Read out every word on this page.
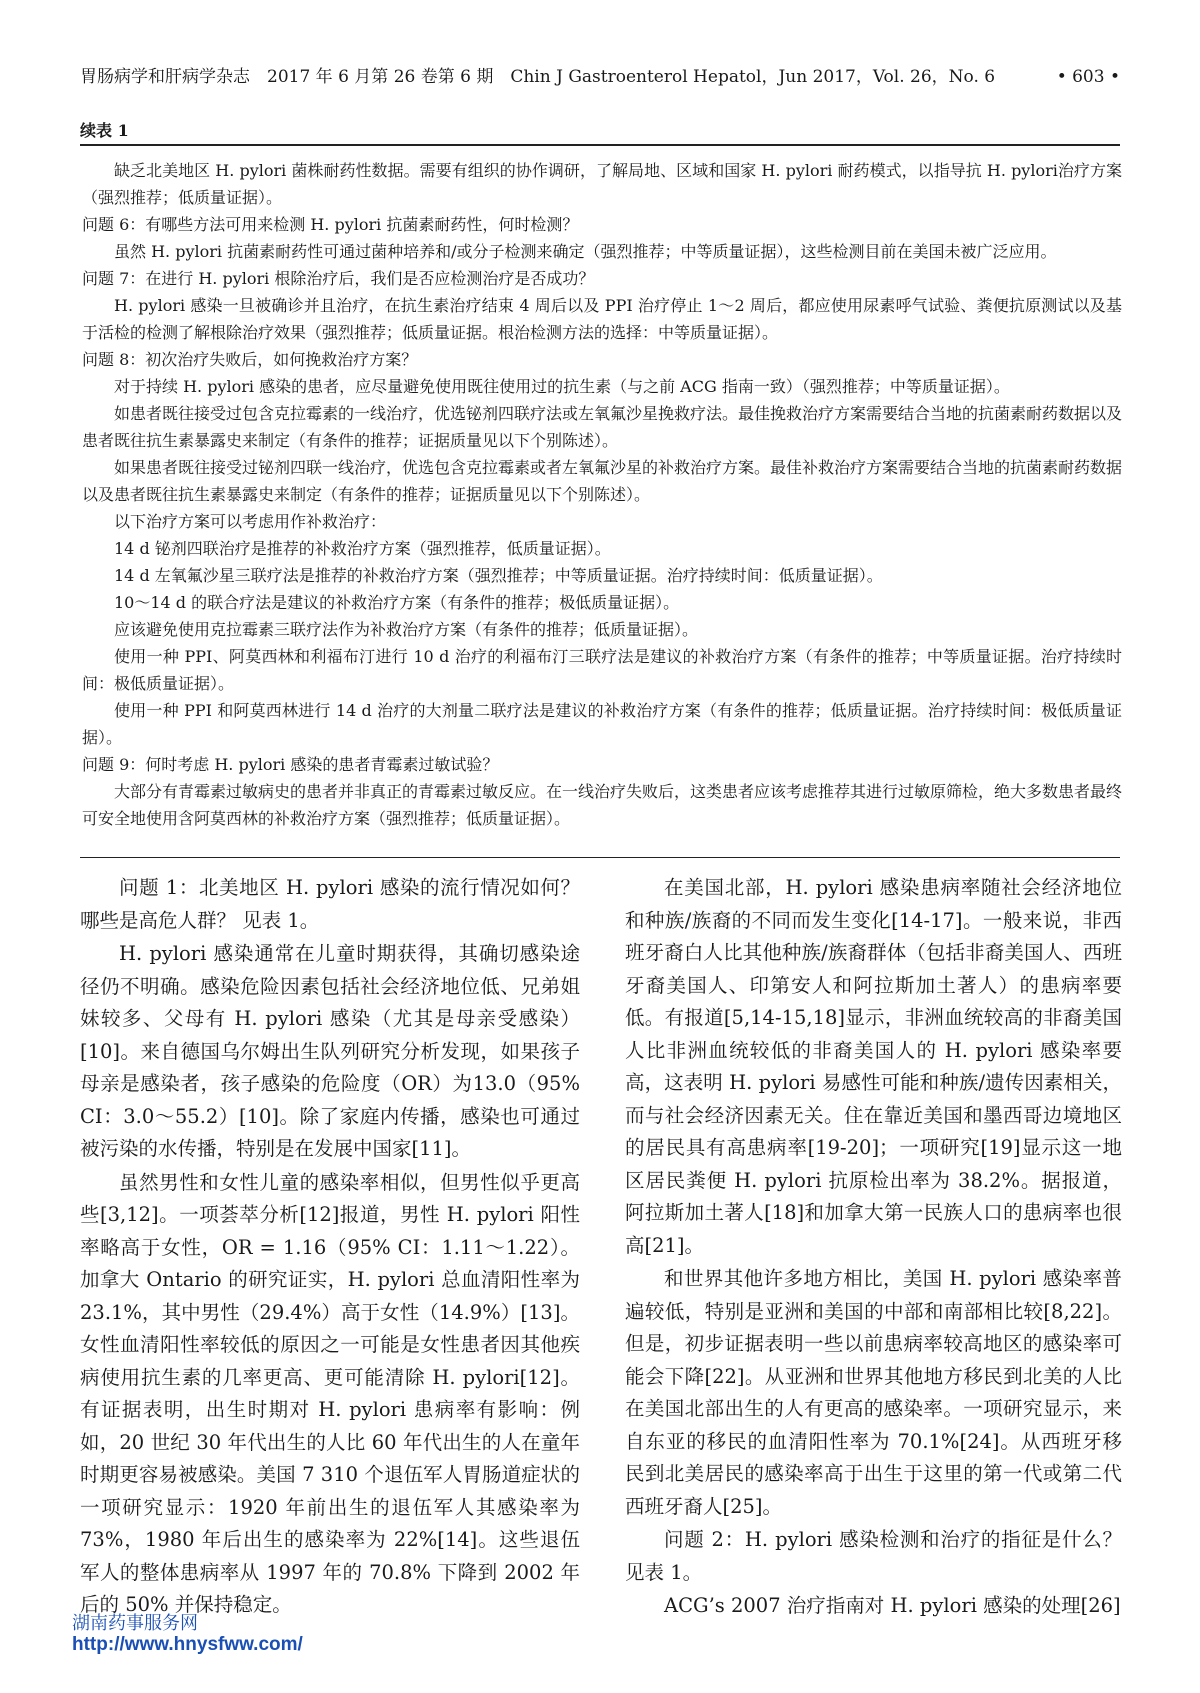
胃肠病学和肝病学杂志　2017 年 6 月第 26 卷第 6 期　Chin J Gastroenterol Hepatol，Jun 2017，Vol. 26，No. 6	• 603 •
续表 1

缺乏北美地区 H. pylori 菌株耐药性数据。需要有组织的协作调研，了解局地、区域和国家 H. pylori 耐药模式，以指导抗 H. pylori治疗方案（强烈推荐；低质量证据）。

问题 6：有哪些方法可用来检测 H. pylori 抗菌素耐药性，何时检测？

虽然 H. pylori 抗菌素耐药性可通过菌种培养和/或分子检测来确定（强烈推荐；中等质量证据），这些检测目前在美国未被广泛应用。

问题 7：在进行 H. pylori 根除治疗后，我们是否应检测治疗是否成功？

H. pylori 感染一旦被确诊并且治疗，在抗生素治疗结束 4 周后以及 PPI 治疗停止 1～2 周后，都应使用尿素呼气试验、粪便抗原测试以及基于活检的检测了解根除治疗效果（强烈推荐；低质量证据。根治检测方法的选择：中等质量证据）。

问题 8：初次治疗失败后，如何挽救治疗方案？

对于持续 H. pylori 感染的患者，应尽量避免使用既往使用过的抗生素（与之前 ACG 指南一致）（强烈推荐；中等质量证据）。

如患者既往接受过包含克拉霉素的一线治疗，优选铋剂四联疗法或左氧氟沙星挽救疗法。最佳挽救治疗方案需要结合当地的抗菌素耐药数据以及患者既往抗生素暴露史来制定（有条件的推荐；证据质量见以下个别陈述）。

如果患者既往接受过铋剂四联一线治疗，优选包含克拉霉素或者左氧氟沙星的补救治疗方案。最佳补救治疗方案需要结合当地的抗菌素耐药数据以及患者既往抗生素暴露史来制定（有条件的推荐；证据质量见以下个别陈述）。

以下治疗方案可以考虑用作补救治疗：

14 d 铋剂四联治疗是推荐的补救治疗方案（强烈推荐，低质量证据）。

14 d 左氧氟沙星三联疗法是推荐的补救治疗方案（强烈推荐；中等质量证据。治疗持续时间：低质量证据）。

10～14 d 的联合疗法是建议的补救治疗方案（有条件的推荐；极低质量证据）。

应该避免使用克拉霉素三联疗法作为补救治疗方案（有条件的推荐；低质量证据）。

使用一种 PPI、阿莫西林和利福布汀进行 10 d 治疗的利福布汀三联疗法是建议的补救治疗方案（有条件的推荐；中等质量证据。治疗持续时间：极低质量证据）。

使用一种 PPI 和阿莫西林进行 14 d 治疗的大剂量二联疗法是建议的补救治疗方案（有条件的推荐；低质量证据。治疗持续时间：极低质量证据）。

问题 9：何时考虑 H. pylori 感染的患者青霉素过敏试验？

大部分有青霉素过敏病史的患者并非真正的青霉素过敏反应。在一线治疗失败后，这类患者应该考虑推荐其进行过敏原筛检，绝大多数患者最终可安全地使用含阿莫西林的补救治疗方案（强烈推荐；低质量证据）。

问题 1：北美地区 H. pylori 感染的流行情况如何？哪些是高危人群？ 见表 1。

H. pylori 感染通常在儿童时期获得，其确切感染途径仍不明确。感染危险因素包括社会经济地位低、兄弟姐妹较多、父母有 H. pylori 感染（尤其是母亲受感染）[10]。来自德国乌尔姆出生队列研究分析发现，如果孩子母亲是感染者，孩子感染的危险度（OR）为13.0（95% CI：3.0～55.2）[10]。除了家庭内传播，感染也可通过被污染的水传播，特别是在发展中国家[11]。

虽然男性和女性儿童的感染率相似，但男性似乎更高些[3,12]。一项荟萃分析[12]报道，男性 H. pylori 阳性率略高于女性，OR = 1.16（95% CI：1.11～1.22）。加拿大 Ontario 的研究证实，H. pylori 总血清阳性率为 23.1%，其中男性（29.4%）高于女性（14.9%）[13]。女性血清阳性率较低的原因之一可能是女性患者因其他疾病使用抗生素的几率更高、更可能清除 H. pylori[12]。有证据表明，出生时期对 H. pylori 患病率有影响：例如，20 世纪 30 年代出生的人比 60 年代出生的人在童年时期更容易被感染。美国 7 310 个退伍军人胃肠道症状的一项研究显示：1920 年前出生的退伍军人其感染率为 73%，1980 年后出生的感染率为 22%[14]。这些退伍军人的整体患病率从 1997 年的 70.8% 下降到 2002 年后的 50% 并保持稳定。

在美国北部，H. pylori 感染患病率随社会经济地位和种族/族裔的不同而发生变化[14-17]。一般来说，非西班牙裔白人比其他种族/族裔群体（包括非裔美国人、西班牙裔美国人、印第安人和阿拉斯加土著人）的患病率要低。有报道[5,14-15,18]显示，非洲血统较高的非裔美国人比非洲血统较低的非裔美国人的 H. pylori 感染率要高，这表明 H. pylori 易感性可能和种族/遗传因素相关，而与社会经济因素无关。住在靠近美国和墨西哥边境地区的居民具有高患病率[19-20]；一项研究[19]显示这一地区居民粪便 H. pylori 抗原检出率为 38.2%。据报道，阿拉斯加土著人[18]和加拿大第一民族人口的患病率也很高[21]。

和世界其他许多地方相比，美国 H. pylori 感染率普遍较低，特别是亚洲和美国的中部和南部相比较[8,22]。但是，初步证据表明一些以前患病率较高地区的感染率可能会下降[22]。从亚洲和世界其他地方移民到北美的人比在美国北部出生的人有更高的感染率。一项研究显示，来自东亚的移民的血清阳性率为 70.1%[24]。从西班牙移民到北美居民的感染率高于出生于这里的第一代或第二代西班牙裔人[25]。

问题 2：H. pylori 感染检测和治疗的指征是什么？见表 1。

ACG’s 2007 治疗指南对 H. pylori 感染的处理[26]

湖南药事服务网
http://www.hnysfww.com/
